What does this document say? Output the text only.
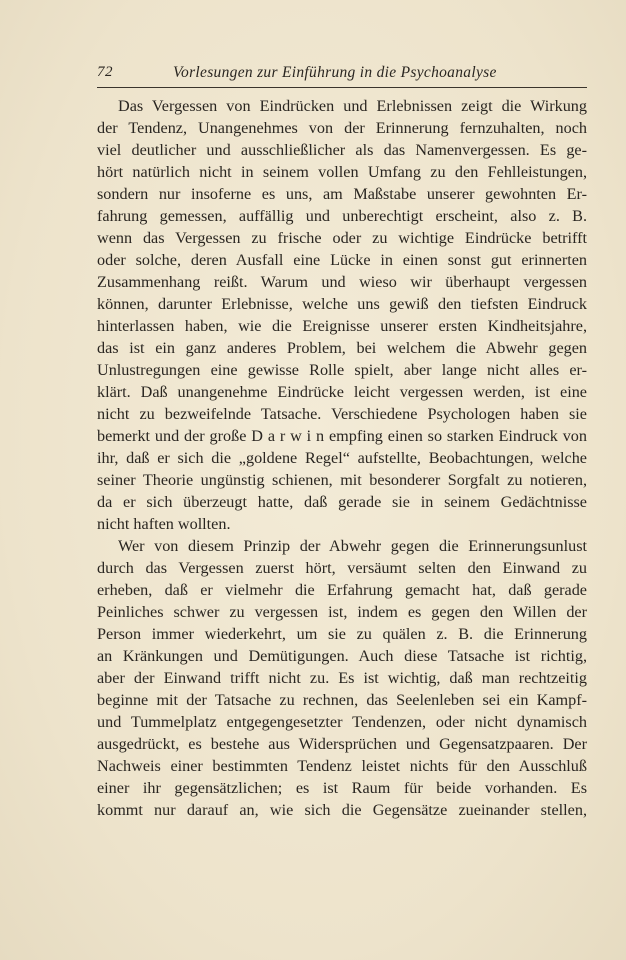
72	Vorlesungen zur Einführung in die Psychoanalyse
Das Vergessen von Eindrücken und Erlebnissen zeigt die Wirkung
der Tendenz, Unangenehmes von der Erinnerung fernzuhalten, noch
viel deutlicher und ausschließlicher als das Namenvergessen. Es ge-
hört natürlich nicht in seinem vollen Umfang zu den Fehlleistungen,
sondern nur insoferne es uns, am Maßstabe unserer gewohnten Er-
fahrung gemessen, auffällig und unberechtigt erscheint, also z. B.
wenn das Vergessen zu frische oder zu wichtige Eindrücke betrifft
oder solche, deren Ausfall eine Lücke in einen sonst gut erinnerten
Zusammenhang reißt. Warum und wieso wir überhaupt vergessen
können, darunter Erlebnisse, welche uns gewiß den tiefsten Eindruck
hinterlassen haben, wie die Ereignisse unserer ersten Kindheitsjahre,
das ist ein ganz anderes Problem, bei welchem die Abwehr gegen
Unlustregungen eine gewisse Rolle spielt, aber lange nicht alles er-
klärt. Daß unangenehme Eindrücke leicht vergessen werden, ist eine
nicht zu bezweifelnde Tatsache. Verschiedene Psychologen haben sie
bemerkt und der große D a r w i n empfing einen so starken Eindruck von
ihr, daß er sich die „goldene Regel“ aufstellte, Beobachtungen, welche
seiner Theorie ungünstig schienen, mit besonderer Sorgfalt zu notieren,
da er sich überzeugt hatte, daß gerade sie in seinem Gedächtnisse
nicht haften wollten.
Wer von diesem Prinzip der Abwehr gegen die Erinnerungsunlust
durch das Vergessen zuerst hört, versäumt selten den Einwand zu
erheben, daß er vielmehr die Erfahrung gemacht hat, daß gerade
Peinliches schwer zu vergessen ist, indem es gegen den Willen der
Person immer wiederkehrt, um sie zu quälen z. B. die Erinnerung
an Kränkungen und Demütigungen. Auch diese Tatsache ist richtig,
aber der Einwand trifft nicht zu. Es ist wichtig, daß man rechtzeitig
beginne mit der Tatsache zu rechnen, das Seelenleben sei ein Kampf-
und Tummelplatz entgegengesetzter Tendenzen, oder nicht dynamisch
ausgedrückt, es bestehe aus Widersprüchen und Gegensatzpaaren. Der
Nachweis einer bestimmten Tendenz leistet nichts für den Ausschluß
einer ihr gegensätzlichen; es ist Raum für beide vorhanden. Es
kommt nur darauf an, wie sich die Gegensätze zueinander stellen,
